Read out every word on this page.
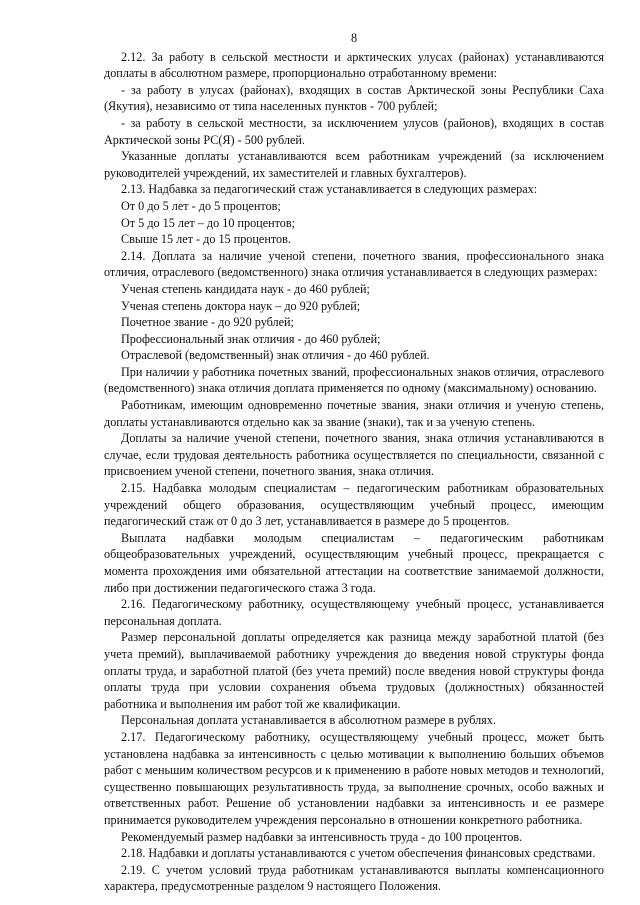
8

2.12. За работу в сельской местности и арктических улусах (районах) устанавливаются доплаты в абсолютном размере, пропорционально отработанному времени:

- за работу в улусах (районах), входящих в состав Арктической зоны Республики Саха (Якутия), независимо от типа населенных пунктов - 700 рублей;

- за работу в сельской местности, за исключением улусов (районов), входящих в состав Арктической зоны РС(Я) - 500 рублей.

Указанные доплаты устанавливаются всем работникам учреждений (за исключением руководителей учреждений, их заместителей и главных бухгалтеров).

2.13. Надбавка за педагогический стаж устанавливается в следующих размерах:

От 0 до 5 лет - до 5 процентов;

От 5 до 15 лет – до 10 процентов;

Свыше 15 лет - до 15 процентов.

2.14. Доплата за наличие ученой степени, почетного звания, профессионального знака отличия, отраслевого (ведомственного) знака отличия устанавливается в следующих размерах:

Ученая степень кандидата наук - до 460 рублей;

Ученая степень доктора наук – до 920 рублей;

Почетное звание - до 920 рублей;

Профессиональный знак отличия - до 460 рублей;

Отраслевой (ведомственный) знак отличия - до 460 рублей.

При наличии у работника почетных званий, профессиональных знаков отличия, отраслевого (ведомственного) знака отличия доплата применяется по одному (максимальному) основанию.

Работникам, имеющим одновременно почетные звания, знаки отличия и ученую степень, доплаты устанавливаются отдельно как за звание (знаки), так и за ученую степень.

Доплаты за наличие ученой степени, почетного звания, знака отличия устанавливаются в случае, если трудовая деятельность работника осуществляется по специальности, связанной с присвоением ученой степени, почетного звания, знака отличия.

2.15. Надбавка молодым специалистам – педагогическим работникам образовательных учреждений общего образования, осуществляющим учебный процесс, имеющим педагогический стаж от 0 до 3 лет, устанавливается в размере до 5 процентов.

Выплата надбавки молодым специалистам – педагогическим работникам общеобразовательных учреждений, осуществляющим учебный процесс, прекращается с момента прохождения ими обязательной аттестации на соответствие занимаемой должности, либо при достижении педагогического стажа 3 года.

2.16. Педагогическому работнику, осуществляющему учебный процесс, устанавливается персональная доплата.

Размер персональной доплаты определяется как разница между заработной платой (без учета премий), выплачиваемой работнику учреждения до введения новой структуры фонда оплаты труда, и заработной платой (без учета премий) после введения новой структуры фонда оплаты труда при условии сохранения объема трудовых (должностных) обязанностей работника и выполнения им работ той же квалификации.

Персональная доплата устанавливается в абсолютном размере в рублях.

2.17. Педагогическому работнику, осуществляющему учебный процесс, может быть установлена надбавка за интенсивность с целью мотивации к выполнению больших объемов работ с меньшим количеством ресурсов и к применению в работе новых методов и технологий, существенно повышающих результативность труда, за выполнение срочных, особо важных и ответственных работ. Решение об установлении надбавки за интенсивность и ее размере принимается руководителем учреждения персонально в отношении конкретного работника.

Рекомендуемый размер надбавки за интенсивность труда - до 100 процентов.

2.18. Надбавки и доплаты устанавливаются с учетом обеспечения финансовых средствами.

2.19. С учетом условий труда работникам устанавливаются выплаты компенсационного характера, предусмотренные разделом 9 настоящего Положения.
